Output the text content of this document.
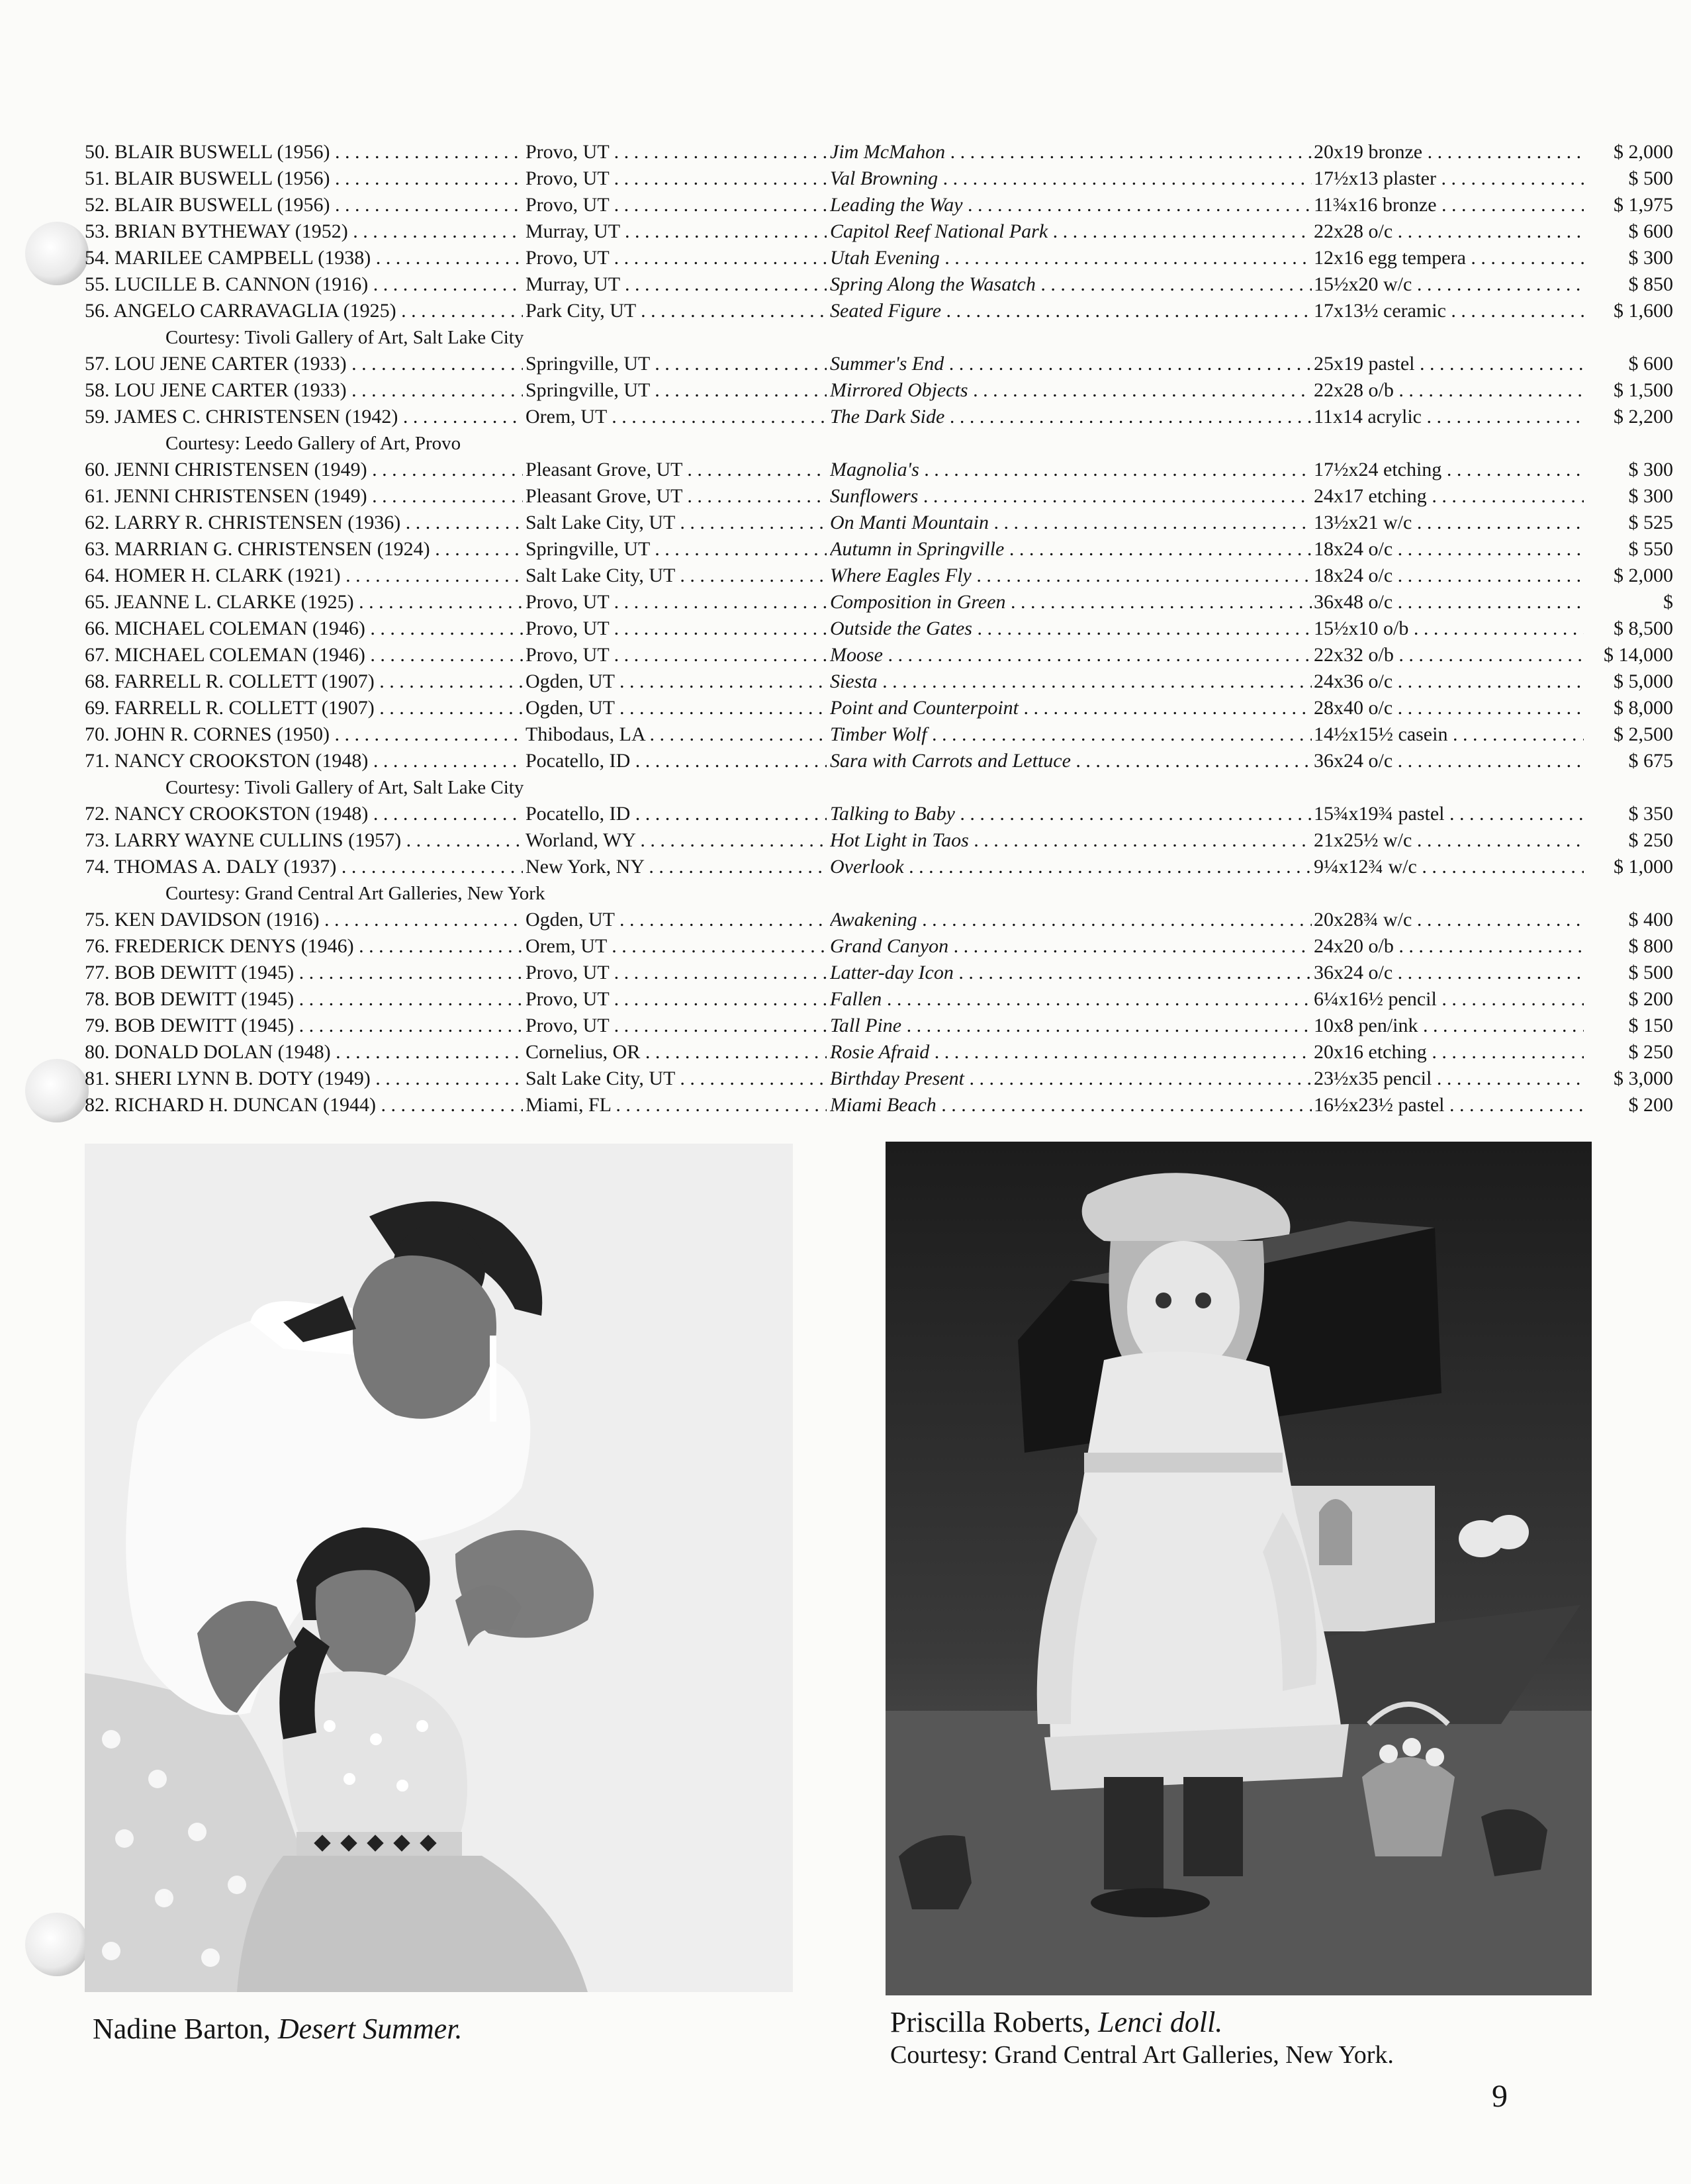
50. BLAIR BUSWELL (1956) . . .	Provo, UT . . .	Jim McMahon . . .	20x19 bronze . . .	$ 2,000
51. BLAIR BUSWELL (1956) . . .	Provo, UT . . .	Val Browning . . .	17½x13 plaster . . .	$ 500
52. BLAIR BUSWELL (1956) . . .	Provo, UT . . .	Leading the Way . . .	11¾x16 bronze . . .	$ 1,975
53. BRIAN BYTHEWAY (1952) . . .	Murray, UT . . .	Capitol Reef National Park . . .	22x28 o/c . . .	$ 600
54. MARILEE CAMPBELL (1938) . . .	Provo, UT . . .	Utah Evening . . .	12x16 egg tempera . . .	$ 300
55. LUCILLE B. CANNON (1916) . . .	Murray, UT . . .	Spring Along the Wasatch . . .	15½x20 w/c . . .	$ 850
56. ANGELO CARRAVAGLIA (1925) . . .	Park City, UT . . .	Seated Figure . . .	17x13½ ceramic . . .	$ 1,600
Courtesy: Tivoli Gallery of Art, Salt Lake City
57. LOU JENE CARTER (1933) . . .	Springville, UT . . .	Summer's End . . .	25x19 pastel . . .	$ 600
58. LOU JENE CARTER (1933) . . .	Springville, UT . . .	Mirrored Objects . . .	22x28 o/b . . .	$ 1,500
59. JAMES C. CHRISTENSEN (1942) . . .	Orem, UT . . .	The Dark Side . . .	11x14 acrylic . . .	$ 2,200
Courtesy: Leedo Gallery of Art, Provo
60. JENNI CHRISTENSEN (1949) . . .	Pleasant Grove, UT . . .	Magnolia's . . .	17½x24 etching . . .	$ 300
61. JENNI CHRISTENSEN (1949) . . .	Pleasant Grove, UT . . .	Sunflowers . . .	24x17 etching . . .	$ 300
62. LARRY R. CHRISTENSEN (1936) . . .	Salt Lake City, UT . . .	On Manti Mountain . . .	13½x21 w/c . . .	$ 525
63. MARRIAN G. CHRISTENSEN (1924) . . .	Springville, UT . . .	Autumn in Springville . . .	18x24 o/c . . .	$ 550
64. HOMER H. CLARK (1921) . . .	Salt Lake City, UT . . .	Where Eagles Fly . . .	18x24 o/c . . .	$ 2,000
65. JEANNE L. CLARKE (1925) . . .	Provo, UT . . .	Composition in Green . . .	36x48 o/c . . .	$
66. MICHAEL COLEMAN (1946) . . .	Provo, UT . . .	Outside the Gates . . .	15½x10 o/b . . .	$ 8,500
67. MICHAEL COLEMAN (1946) . . .	Provo, UT . . .	Moose . . .	22x32 o/b . . .	$ 14,000
68. FARRELL R. COLLETT (1907) . . .	Ogden, UT . . .	Siesta . . .	24x36 o/c . . .	$ 5,000
69. FARRELL R. COLLETT (1907) . . .	Ogden, UT . . .	Point and Counterpoint . . .	28x40 o/c . . .	$ 8,000
70. JOHN R. CORNES (1950) . . .	Thibodaus, LA . . .	Timber Wolf . . .	14½x15½ casein . . .	$ 2,500
71. NANCY CROOKSTON (1948) . . .	Pocatello, ID . . .	Sara with Carrots and Lettuce . . .	36x24 o/c . . .	$ 675
Courtesy: Tivoli Gallery of Art, Salt Lake City
72. NANCY CROOKSTON (1948) . . .	Pocatello, ID . . .	Talking to Baby . . .	15¾x19¾ pastel . . .	$ 350
73. LARRY WAYNE CULLINS (1957) . . .	Worland, WY . . .	Hot Light in Taos . . .	21x25½ w/c . . .	$ 250
74. THOMAS A. DALY (1937) . . .	New York, NY . . .	Overlook . . .	9¼x12¾ w/c . . .	$ 1,000
Courtesy: Grand Central Art Galleries, New York
75. KEN DAVIDSON (1916) . . .	Ogden, UT . . .	Awakening . . .	20x28¾ w/c . . .	$ 400
76. FREDERICK DENYS (1946) . . .	Orem, UT . . .	Grand Canyon . . .	24x20 o/b . . .	$ 800
77. BOB DEWITT (1945) . . .	Provo, UT . . .	Latter-day Icon . . .	36x24 o/c . . .	$ 500
78. BOB DEWITT (1945) . . .	Provo, UT . . .	Fallen . . .	6¼x16½ pencil . . .	$ 200
79. BOB DEWITT (1945) . . .	Provo, UT . . .	Tall Pine . . .	10x8 pen/ink . . .	$ 150
80. DONALD DOLAN (1948) . . .	Cornelius, OR . . .	Rosie Afraid . . .	20x16 etching . . .	$ 250
81. SHERI LYNN B. DOTY (1949) . . .	Salt Lake City, UT . . .	Birthday Present . . .	23½x35 pencil . . .	$ 3,000
82. RICHARD H. DUNCAN (1944) . . .	Miami, FL . . .	Miami Beach . . .	16½x23½ pastel . . .	$ 200
Nadine Barton, Desert Summer.	Priscilla Roberts, Lenci doll.
Courtesy: Grand Central Art Galleries, New York.
9
